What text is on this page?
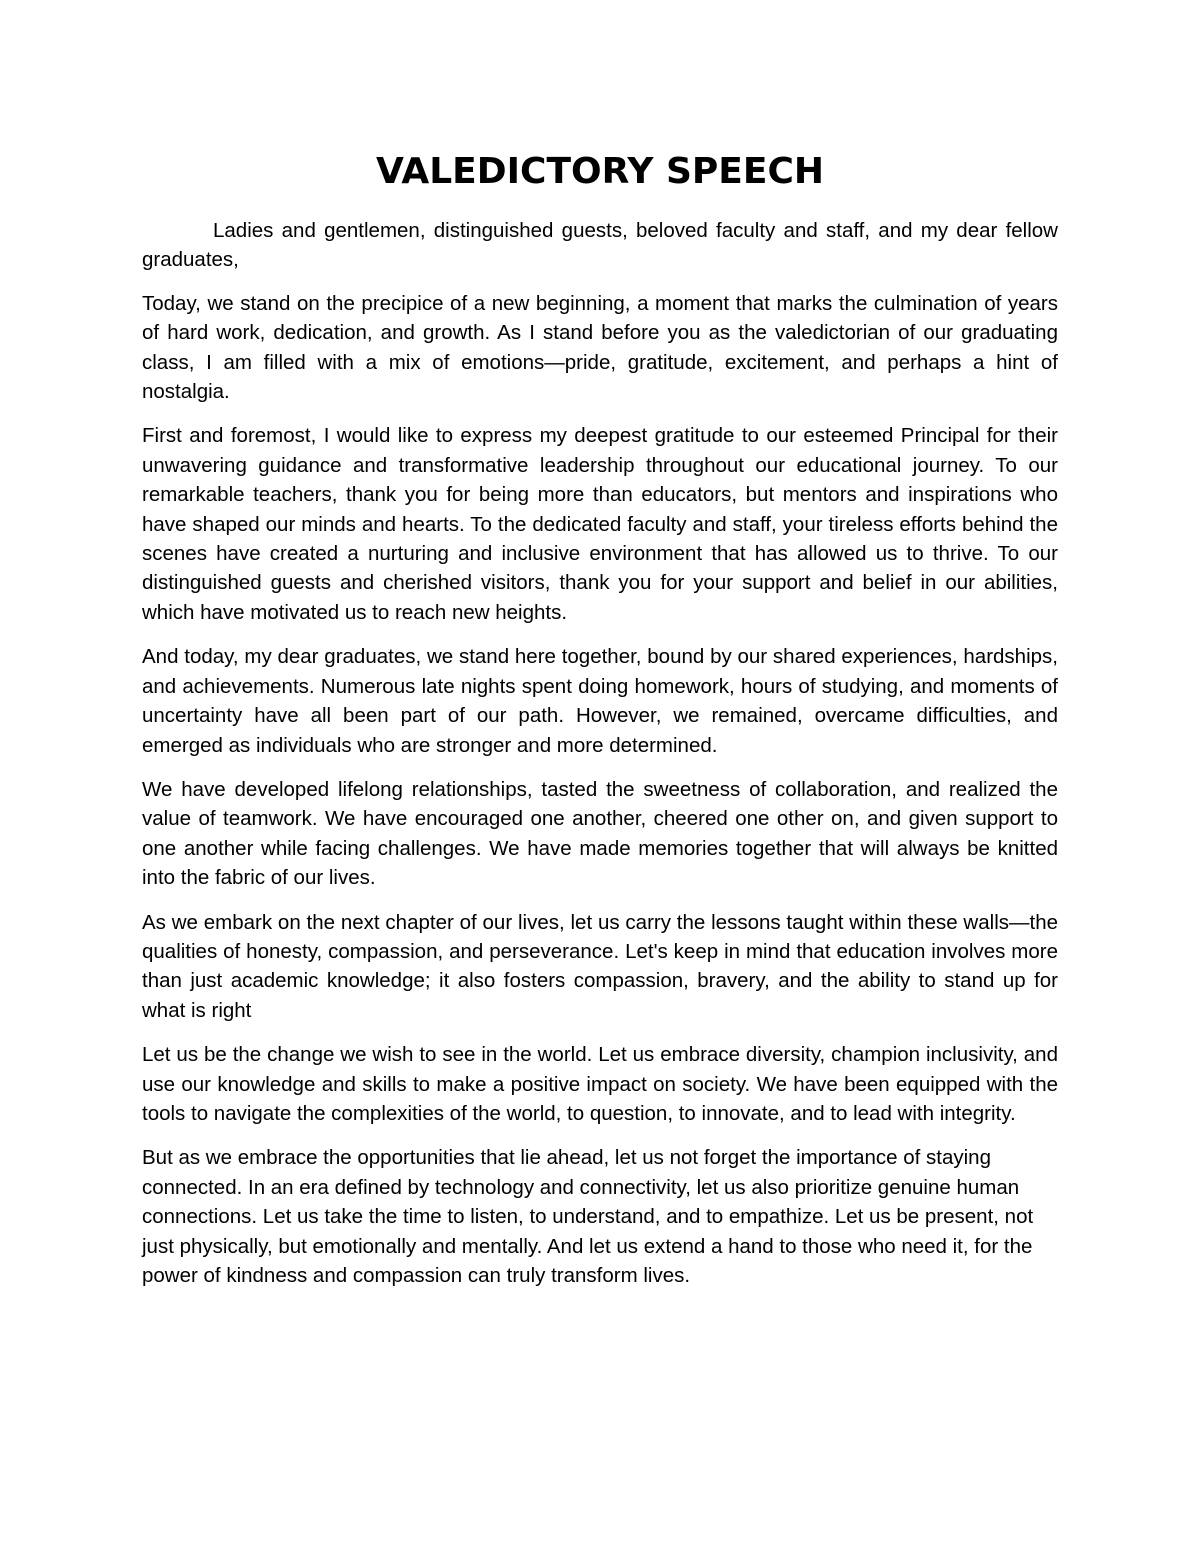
VALEDICTORY SPEECH

Ladies and gentlemen, distinguished guests, beloved faculty and staff, and my dear fellow graduates,

Today, we stand on the precipice of a new beginning, a moment that marks the culmination of years of hard work, dedication, and growth. As I stand before you as the valedictorian of our graduating class, I am filled with a mix of emotions—pride, gratitude, excitement, and perhaps a hint of nostalgia.

First and foremost, I would like to express my deepest gratitude to our esteemed Principal for their unwavering guidance and transformative leadership throughout our educational journey. To our remarkable teachers, thank you for being more than educators, but mentors and inspirations who have shaped our minds and hearts. To the dedicated faculty and staff, your tireless efforts behind the scenes have created a nurturing and inclusive environment that has allowed us to thrive. To our distinguished guests and cherished visitors, thank you for your support and belief in our abilities, which have motivated us to reach new heights.

And today, my dear graduates, we stand here together, bound by our shared experiences, hardships, and achievements. Numerous late nights spent doing homework, hours of studying, and moments of uncertainty have all been part of our path. However, we remained, overcame difficulties, and emerged as individuals who are stronger and more determined.

We have developed lifelong relationships, tasted the sweetness of collaboration, and realized the value of teamwork. We have encouraged one another, cheered one other on, and given support to one another while facing challenges. We have made memories together that will always be knitted into the fabric of our lives.

As we embark on the next chapter of our lives, let us carry the lessons taught within these walls—the qualities of honesty, compassion, and perseverance. Let's keep in mind that education involves more than just academic knowledge; it also fosters compassion, bravery, and the ability to stand up for what is right

Let us be the change we wish to see in the world. Let us embrace diversity, champion inclusivity, and use our knowledge and skills to make a positive impact on society. We have been equipped with the tools to navigate the complexities of the world, to question, to innovate, and to lead with integrity.

But as we embrace the opportunities that lie ahead, let us not forget the importance of staying connected. In an era defined by technology and connectivity, let us also prioritize genuine human connections. Let us take the time to listen, to understand, and to empathize. Let us be present, not just physically, but emotionally and mentally. And let us extend a hand to those who need it, for the power of kindness and compassion can truly transform lives.
